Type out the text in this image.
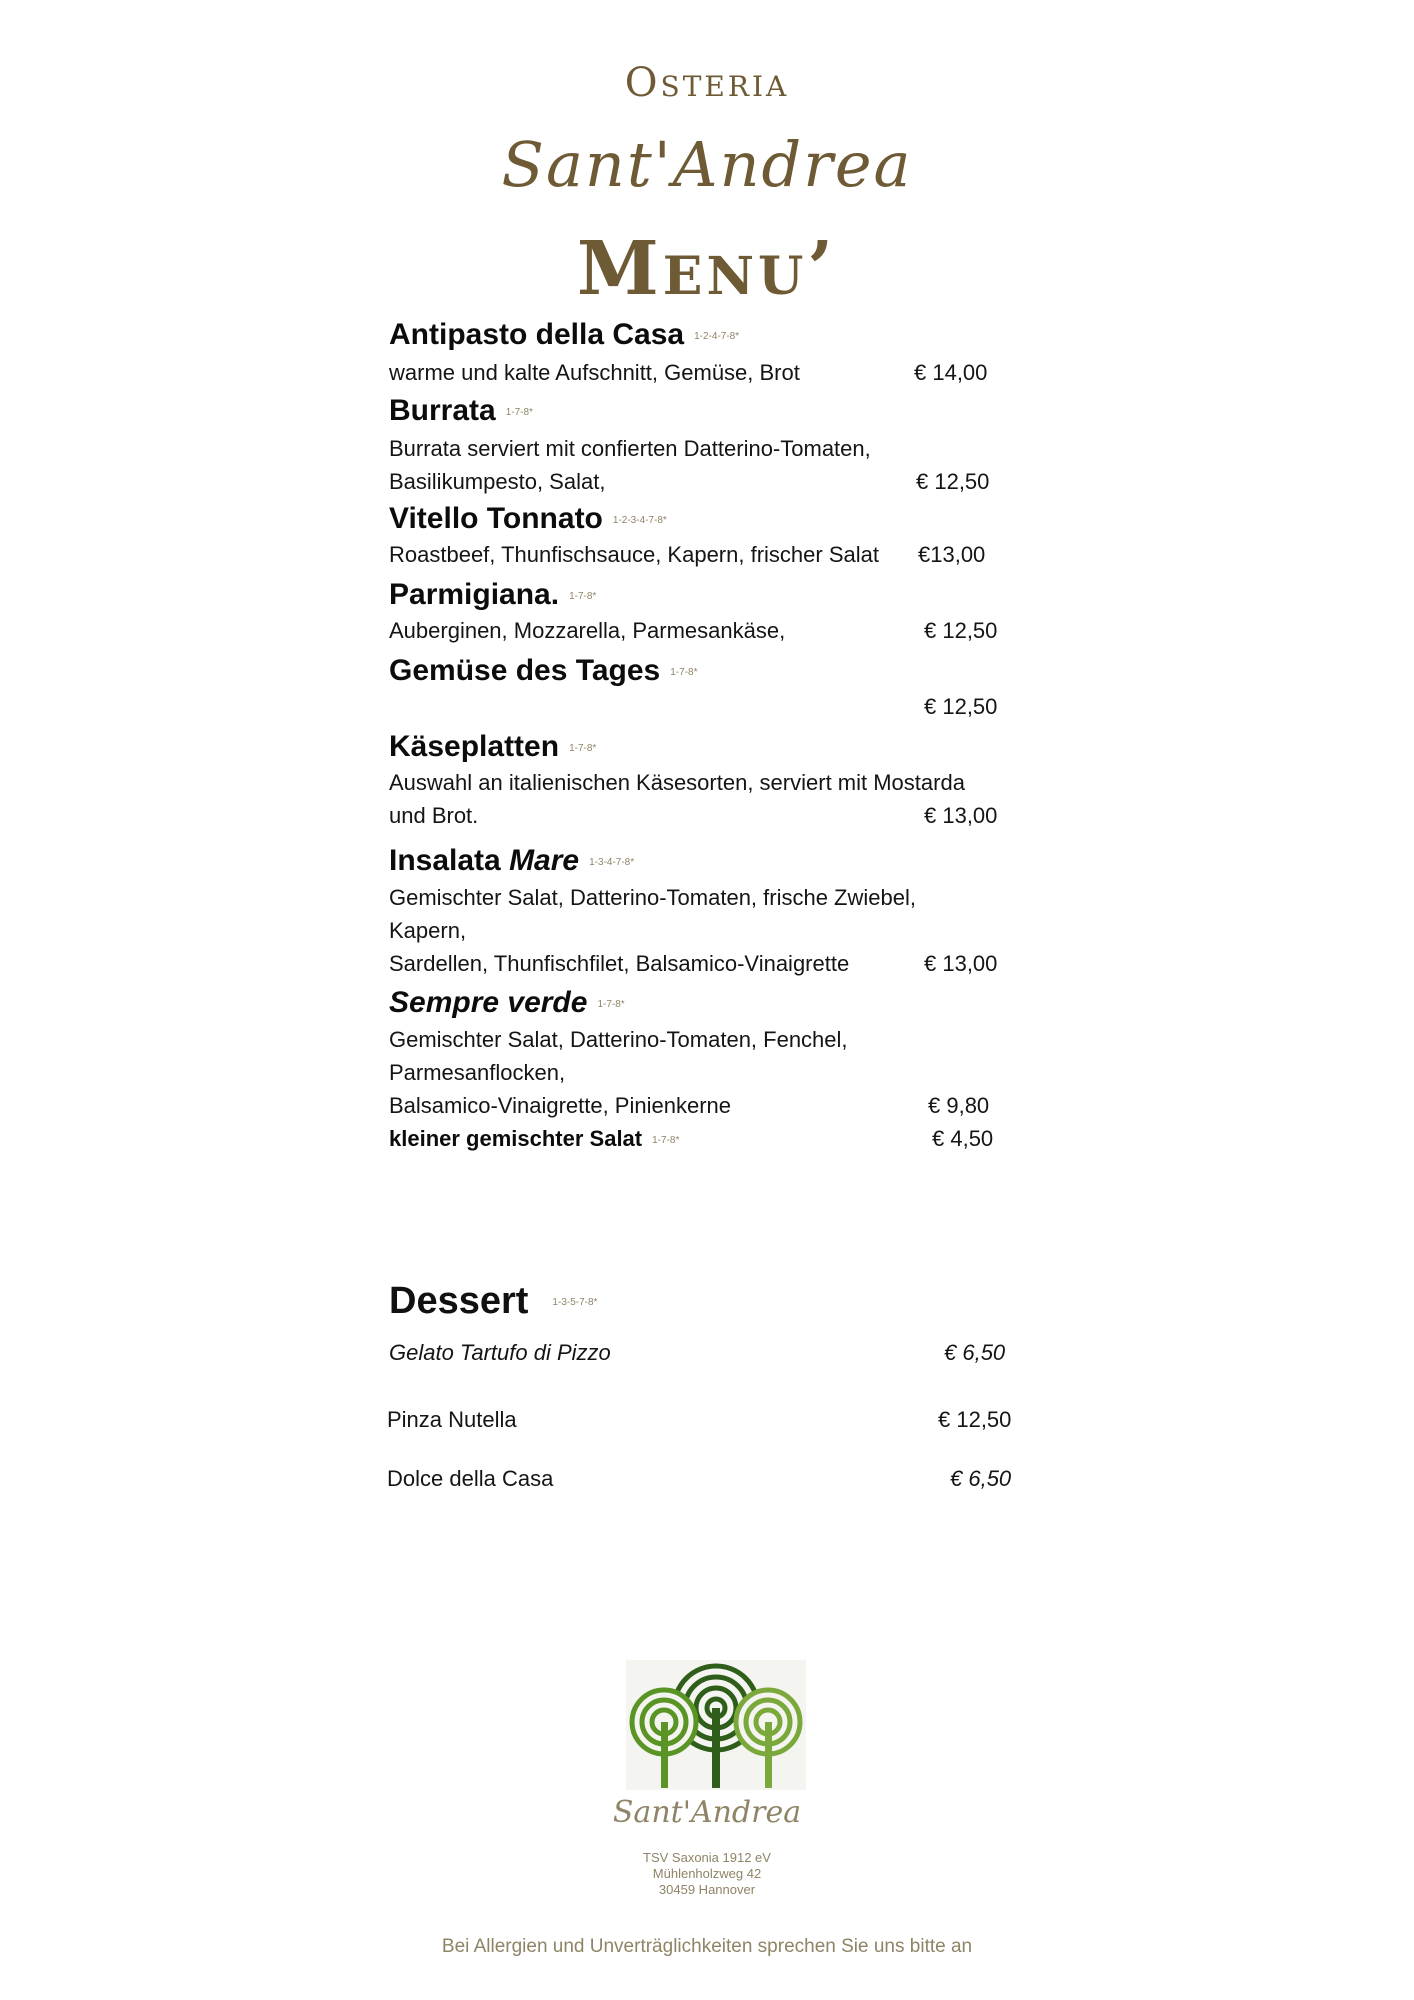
Osteria
Sant'Andrea
Menu’
Antipasto della Casa 1-2-4-7-8*
warme und kalte Aufschnitt, Gemüse, Brot	€ 14,00
Burrata 1-7-8*
Burrata serviert mit confierten Datterino-Tomaten,
Basilikumpesto, Salat,	€ 12,50
Vitello Tonnato 1-2-3-4-7-8*
Roastbeef, Thunfischsauce, Kapern, frischer Salat €13,00
Parmigiana. 1-7-8*
Auberginen, Mozzarella, Parmesankäse,	€ 12,50
Gemüse des Tages 1-7-8*
€ 12,50
Käseplatten 1-7-8*
Auswahl an italienischen Käsesorten, serviert mit Mostarda
und Brot.	€ 13,00
Insalata Mare 1-3-4-7-8*
Gemischter Salat, Datterino-Tomaten, frische Zwiebel,
Kapern,
Sardellen, Thunfischfilet, Balsamico-Vinaigrette	€ 13,00
Sempre verde 1-7-8*
Gemischter Salat, Datterino-Tomaten, Fenchel,
Parmesanflocken,
Balsamico-Vinaigrette, Pinienkerne	€ 9,80
kleiner gemischter Salat 1-7-8*	€ 4,50
Dessert 1-3-5-7-8*
Gelato Tartufo di Pizzo	€ 6,50
Pinza Nutella	€ 12,50
Dolce della Casa	€ 6,50
Sant'Andrea
TSV Saxonia 1912 eV
Mühlenholzweg 42
30459 Hannover
Bei Allergien und Unverträglichkeiten sprechen Sie uns bitte an
